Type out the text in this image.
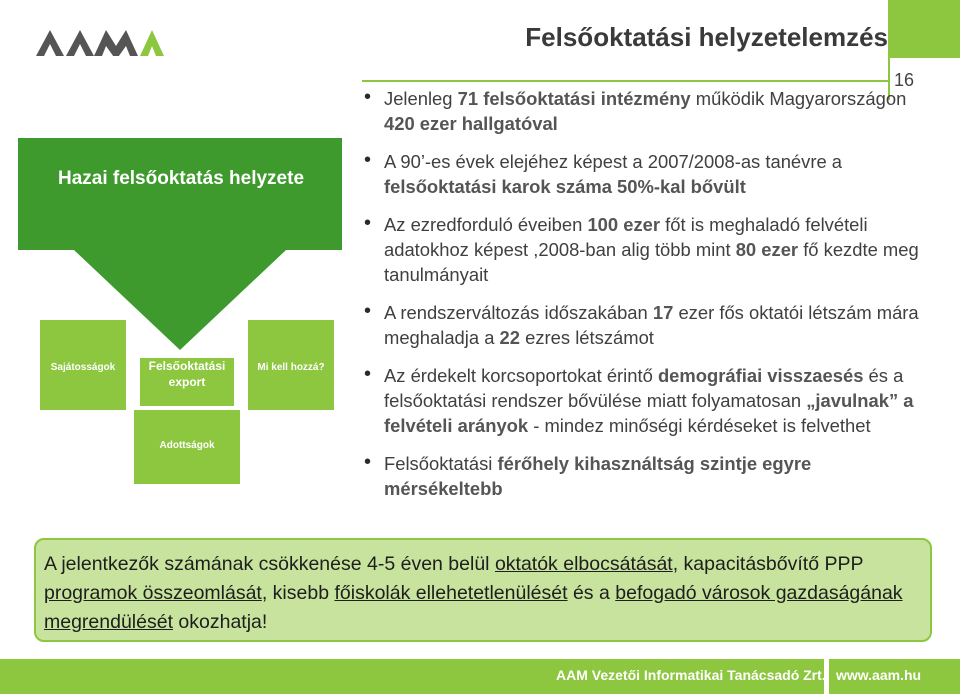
Felsőoktatási helyzetelemzés
16
Hazai felsőoktatás helyzete
Sajátosságok	Felsőoktatási export
Mi kell hozzá?
Adottságok
• Jelenleg 71 felsőoktatási intézmény működik Magyarországon 420 ezer hallgatóval
• A 90’-es évek elejéhez képest a 2007/2008-as tanévre a felsőoktatási karok száma 50%-kal bővült
• Az ezredforduló éveiben 100 ezer főt is meghaladó felvételi adatokhoz képest ,2008-ban alig több mint 80 ezer fő kezdte meg tanulmányait
• A rendszerváltozás időszakában 17 ezer fős oktatói létszám mára meghaladja a 22 ezres létszámot
• Az érdekelt korcsoportokat érintő demográfiai visszaesés és a felsőoktatási rendszer bővülése miatt folyamatosan „javulnak” a felvételi arányok - mindez minőségi kérdéseket is felvethet
• Felsőoktatási férőhely kihasználtság szintje egyre mérsékeltebb
A jelentkezők számának csökkenése 4-5 éven belül oktatók elbocsátását, kapacitásbővítő PPP programok összeomlását, kisebb főiskolák ellehetetlenülését és a befogadó városok gazdaságának megrendülését okozhatja!
AAM Vezetői Informatikai Tanácsadó Zrt. www.aam.hu
